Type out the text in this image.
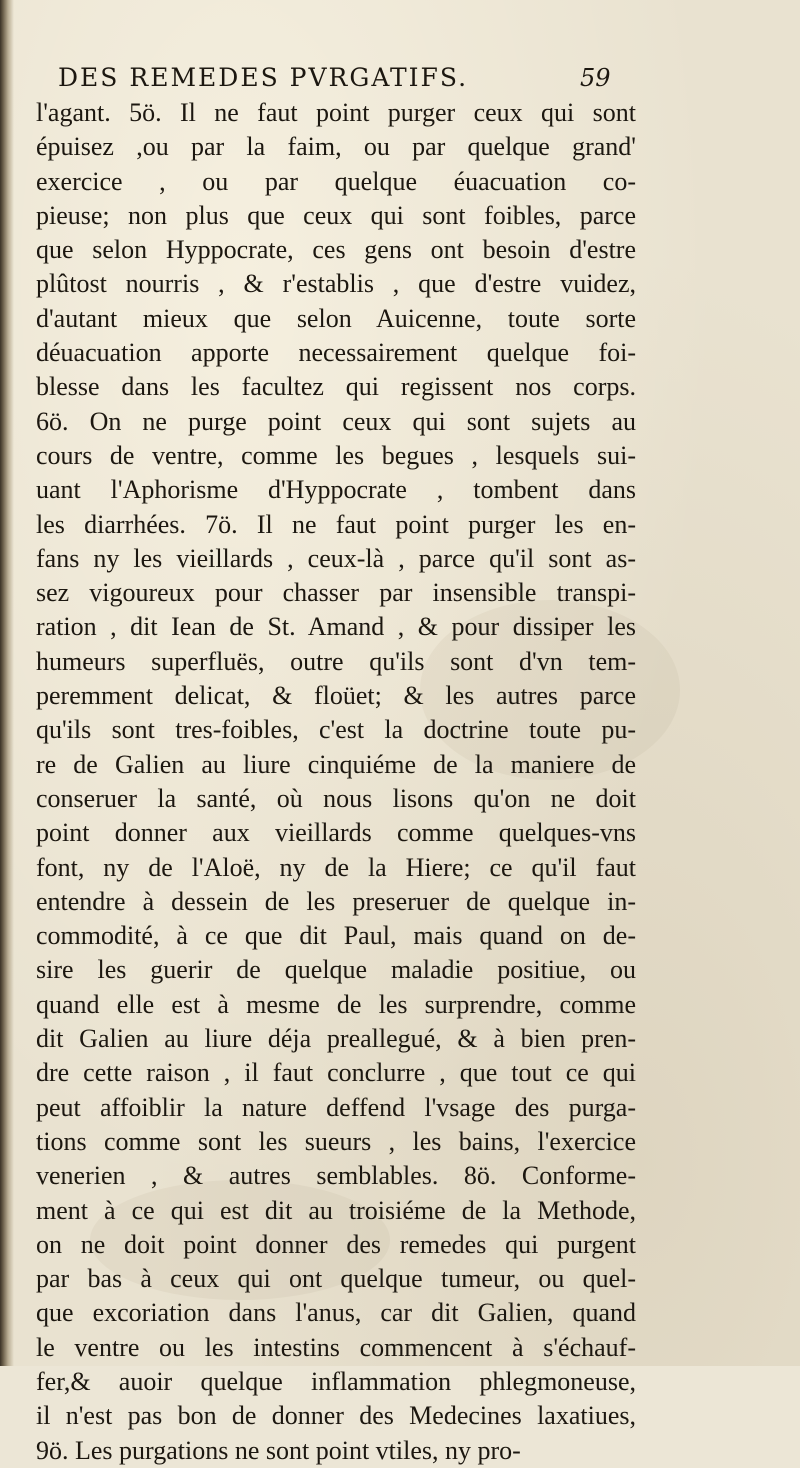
DES REMEDES PVRGATIFS.	59
l'agant. 5ö. Il ne faut point purger ceux qui sont
épuisez ,ou par la faim, ou par quelque grand'
exercice , ou par quelque éuacuation co-
pieuse; non plus que ceux qui sont foibles, parce
que selon Hyppocrate, ces gens ont besoin d'estre
plûtost nourris , & r'establis , que d'estre vuidez,
d'autant mieux que selon Auicenne, toute sorte
déuacuation apporte necessairement quelque foi-
blesse dans les facultez qui regissent nos corps.
6ö. On ne purge point ceux qui sont sujets au
cours de ventre, comme les begues , lesquels sui-
uant l'Aphorisme d'Hyppocrate , tombent dans
les diarrhées. 7ö. Il ne faut point purger les en-
fans ny les vieillards , ceux-là , parce qu'il sont as-
sez vigoureux pour chasser par insensible transpi-
ration , dit Iean de St. Amand , & pour dissiper les
humeurs superfluës, outre qu'ils sont d'vn tem-
peremment delicat, & floüet; & les autres parce
qu'ils sont tres-foibles, c'est la doctrine toute pu-
re de Galien au liure cinquiéme de la maniere de
conseruer la santé, où nous lisons qu'on ne doit
point donner aux vieillards comme quelques-vns
font, ny de l'Aloë, ny de la Hiere; ce qu'il faut
entendre à dessein de les preseruer de quelque in-
commodité, à ce que dit Paul, mais quand on de-
sire les guerir de quelque maladie positiue, ou
quand elle est à mesme de les surprendre, comme
dit Galien au liure déja preallegué, & à bien pren-
dre cette raison , il faut conclurre , que tout ce qui
peut affoiblir la nature deffend l'vsage des purga-
tions comme sont les sueurs , les bains, l'exercice
venerien , & autres semblables. 8ö. Conforme-
ment à ce qui est dit au troisiéme de la Methode,
on ne doit point donner des remedes qui purgent
par bas à ceux qui ont quelque tumeur, ou quel-
que excoriation dans l'anus, car dit Galien, quand
le ventre ou les intestins commencent à s'échauf-
fer,& auoir quelque inflammation phlegmoneuse,
il n'est pas bon de donner des Medecines laxatiues,
9ö. Les purgations ne sont point vtiles, ny pro-
